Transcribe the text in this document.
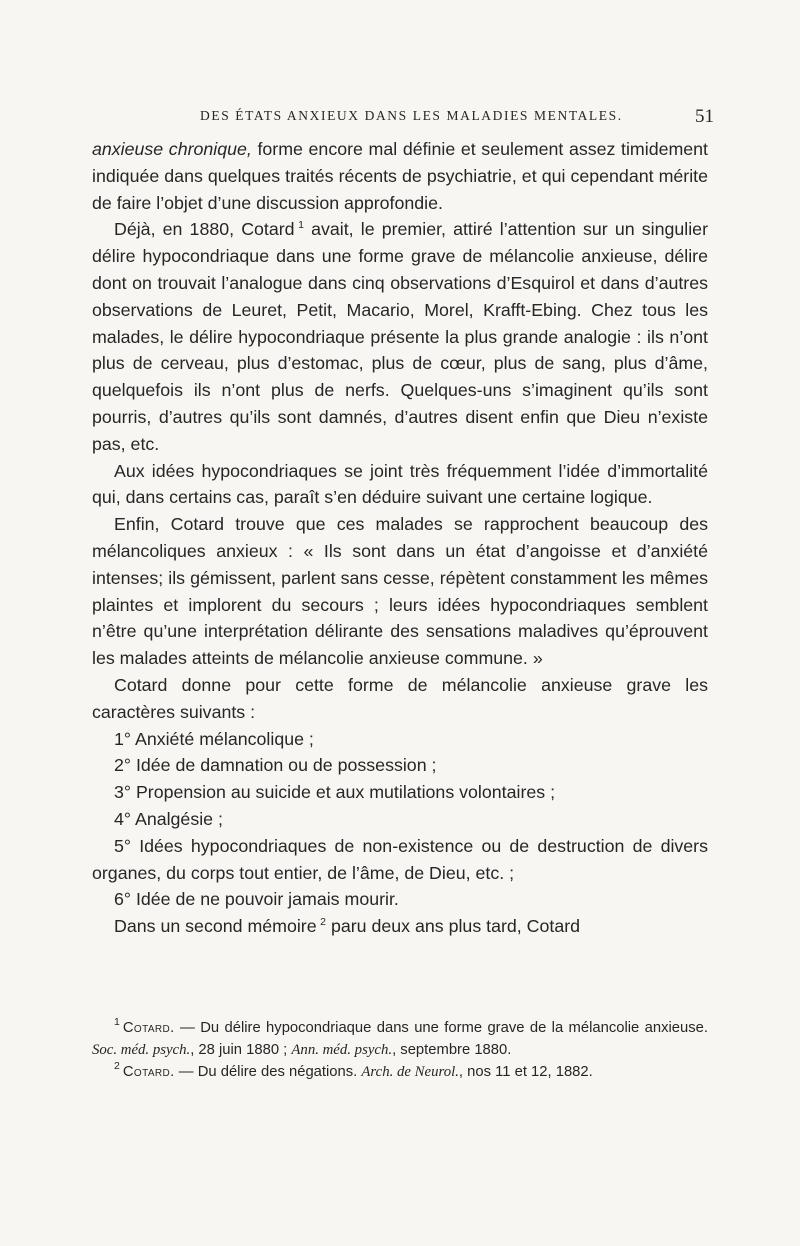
DES ÉTATS ANXIEUX DANS LES MALADIES MENTALES.	51

anxieuse chronique, forme encore mal définie et seulement assez timidement indiquée dans quelques traités récents de psychiatrie, et qui cependant mérite de faire l’objet d’une discussion approfondie.

Déjà, en 1880, Cotard  $^1$ avait, le premier, attiré l’attention sur un singulier délire hypocondriaque dans une forme grave de mélancolie anxieuse, délire dont on trouvait l’analogue dans cinq observations d’Esquirol et dans d’autres observations de Leuret, Petit, Macario, Morel, Krafft-Ebing. Chez tous les malades, le délire hypocondriaque présente la plus grande analogie : ils n’ont plus de cerveau, plus d’estomac, plus de cœur, plus de sang, plus d’âme, quelquefois ils n’ont plus de nerfs. Quelques-uns s’imaginent qu’ils sont pourris, d’autres qu’ils sont damnés, d’autres disent enfin que Dieu n’existe pas, etc.

Aux idées hypocondriaques se joint très fréquemment l’idée d’immortalité qui, dans certains cas, paraît s’en déduire suivant une certaine logique.

Enfin, Cotard trouve que ces malades se rapprochent beaucoup des mélancoliques anxieux : « Ils sont dans un état d’angoisse et d’anxiété intenses; ils gémissent, parlent sans cesse, répètent constamment les mêmes plaintes et implorent du secours ; leurs idées hypocondriaques semblent n’être qu’une interprétation délirante des sensations maladives qu’éprouvent les malades atteints de mélancolie anxieuse commune. »

Cotard donne pour cette forme de mélancolie anxieuse grave les caractères suivants :

1° Anxiété mélancolique ;

2° Idée de damnation ou de possession ;

3° Propension au suicide et aux mutilations volontaires ;

4° Analgésie ;

5° Idées hypocondriaques de non-existence ou de destruction de divers organes, du corps tout entier, de l’âme, de Dieu, etc. ;

6° Idée de ne pouvoir jamais mourir.

Dans un second mémoire  $^2$ paru deux ans plus tard, Cotard

$^1$  Cotard. — Du délire hypocondriaque dans une forme grave de la mélancolie anxieuse. Soc. méd. psych., 28 juin 1880 ; Ann. méd. psych., septembre 1880.

$^2$  Cotard. — Du délire des négations. Arch. de Neurol., nos 11 et 12, 1882.
